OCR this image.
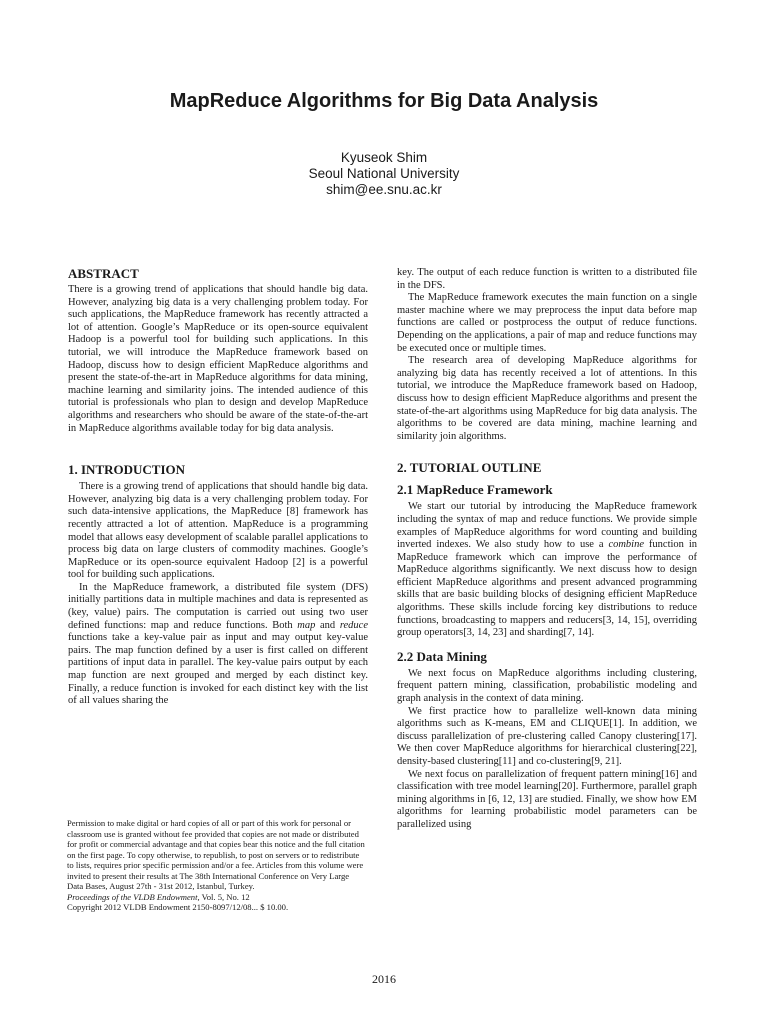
MapReduce Algorithms for Big Data Analysis
Kyuseok Shim
Seoul National University
shim@ee.snu.ac.kr
ABSTRACT

There is a growing trend of applications that should handle big data. However, analyzing big data is a very challenging problem today. For such applications, the MapReduce framework has recently attracted a lot of attention. Google’s MapReduce or its open-source equivalent Hadoop is a powerful tool for building such applications. In this tutorial, we will introduce the MapReduce framework based on Hadoop, discuss how to design efficient MapReduce algorithms and present the state-of-the-art in MapReduce algorithms for data mining, machine learning and similarity joins. The intended audience of this tutorial is professionals who plan to design and develop MapReduce algorithms and researchers who should be aware of the state-of-the-art in MapReduce algorithms available today for big data analysis.

1. INTRODUCTION

There is a growing trend of applications that should handle big data. However, analyzing big data is a very challenging problem today. For such data-intensive applications, the MapReduce [8] framework has recently attracted a lot of attention. MapReduce is a programming model that allows easy development of scalable parallel applications to process big data on large clusters of commodity machines. Google’s MapReduce or its open-source equivalent Hadoop [2] is a powerful tool for building such applications.

In the MapReduce framework, a distributed file system (DFS) initially partitions data in multiple machines and data is represented as (key, value) pairs. The computation is carried out using two user defined functions: map and reduce functions. Both map and reduce functions take a key-value pair as input and may output key-value pairs. The map function defined by a user is first called on different partitions of input data in parallel. The key-value pairs output by each map function are next grouped and merged by each distinct key. Finally, a reduce function is invoked for each distinct key with the list of all values sharing the

Permission to make digital or hard copies of all or part of this work for personal or classroom use is granted without fee provided that copies are not made or distributed for profit or commercial advantage and that copies bear this notice and the full citation on the first page. To copy otherwise, to republish, to post on servers or to redistribute to lists, requires prior specific permission and/or a fee. Articles from this volume were invited to present their results at The 38th International Conference on Very Large Data Bases, August 27th - 31st 2012, Istanbul, Turkey.

Proceedings of the VLDB Endowment, Vol. 5, No. 12

Copyright 2012 VLDB Endowment 2150-8097/12/08... $ 10.00.

key. The output of each reduce function is written to a distributed file in the DFS.

The MapReduce framework executes the main function on a single master machine where we may preprocess the input data before map functions are called or postprocess the output of reduce functions. Depending on the applications, a pair of map and reduce functions may be executed once or multiple times.

The research area of developing MapReduce algorithms for analyzing big data has recently received a lot of attentions. In this tutorial, we introduce the MapReduce framework based on Hadoop, discuss how to design efficient MapReduce algorithms and present the state-of-the-art algorithms using MapReduce for big data analysis. The algorithms to be covered are data mining, machine learning and similarity join algorithms.

2. TUTORIAL OUTLINE
2.1 MapReduce Framework

We start our tutorial by introducing the MapReduce framework including the syntax of map and reduce functions. We provide simple examples of MapReduce algorithms for word counting and building inverted indexes. We also study how to use a combine function in MapReduce framework which can improve the performance of MapReduce algorithms significantly. We next discuss how to design efficient MapReduce algorithms and present advanced programming skills that are basic building blocks of designing efficient MapReduce algorithms. These skills include forcing key distributions to reduce functions, broadcasting to mappers and reducers[3, 14, 15], overriding group operators[3, 14, 23] and sharding[7, 14].

2.2 Data Mining

We next focus on MapReduce algorithms including clustering, frequent pattern mining, classification, probabilistic modeling and graph analysis in the context of data mining.

We first practice how to parallelize well-known data mining algorithms such as K-means, EM and CLIQUE[1]. In addition, we discuss parallelization of pre-clustering called Canopy clustering[17]. We then cover MapReduce algorithms for hierarchical clustering[22], density-based clustering[11] and co-clustering[9, 21].

We next focus on parallelization of frequent pattern mining[16] and classification with tree model learning[20]. Furthermore, parallel graph mining algorithms in [6, 12, 13] are studied. Finally, we show how EM algorithms for learning probabilistic model parameters can be parallelized using

2016
